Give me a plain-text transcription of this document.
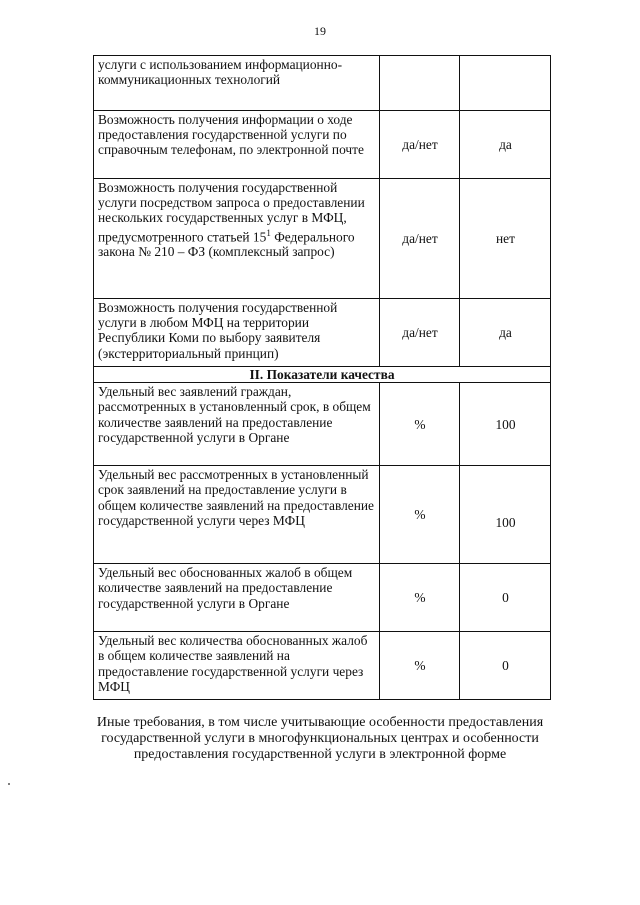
19
услуги с использованием информационно-коммуникационных технологий		
Возможность получения информации о ходе предоставления государственной услуги по справочным телефонам, по электронной почте	да/нет	да
Возможность получения государственной услуги посредством запроса о предоставлении нескольких государственных услуг в МФЦ, предусмотренного статьей $15^1$ Федерального закона № 210 – ФЗ (комплексный запрос)	да/нет	нет
Возможность получения государственной услуги в любом МФЦ на территории Республики Коми по выбору заявителя (экстерриториальный принцип)	да/нет	да
II. Показатели качества		
Удельный вес заявлений граждан, рассмотренных в установленный срок, в общем количестве заявлений на предоставление государственной услуги в Органе	%	100
Удельный вес рассмотренных в установленный срок заявлений на предоставление услуги в общем количестве заявлений на предоставление государственной услуги через МФЦ	%	100
Удельный вес обоснованных жалоб в общем количестве заявлений на предоставление государственной услуги в Органе	%	0
Удельный вес количества обоснованных жалоб в общем количестве заявлений на предоставление государственной услуги через МФЦ	%	0
Иные требования, в том числе учитывающие особенности предоставления государственной услуги в многофункциональных центрах и особенности предоставления государственной услуги в электронной форме
